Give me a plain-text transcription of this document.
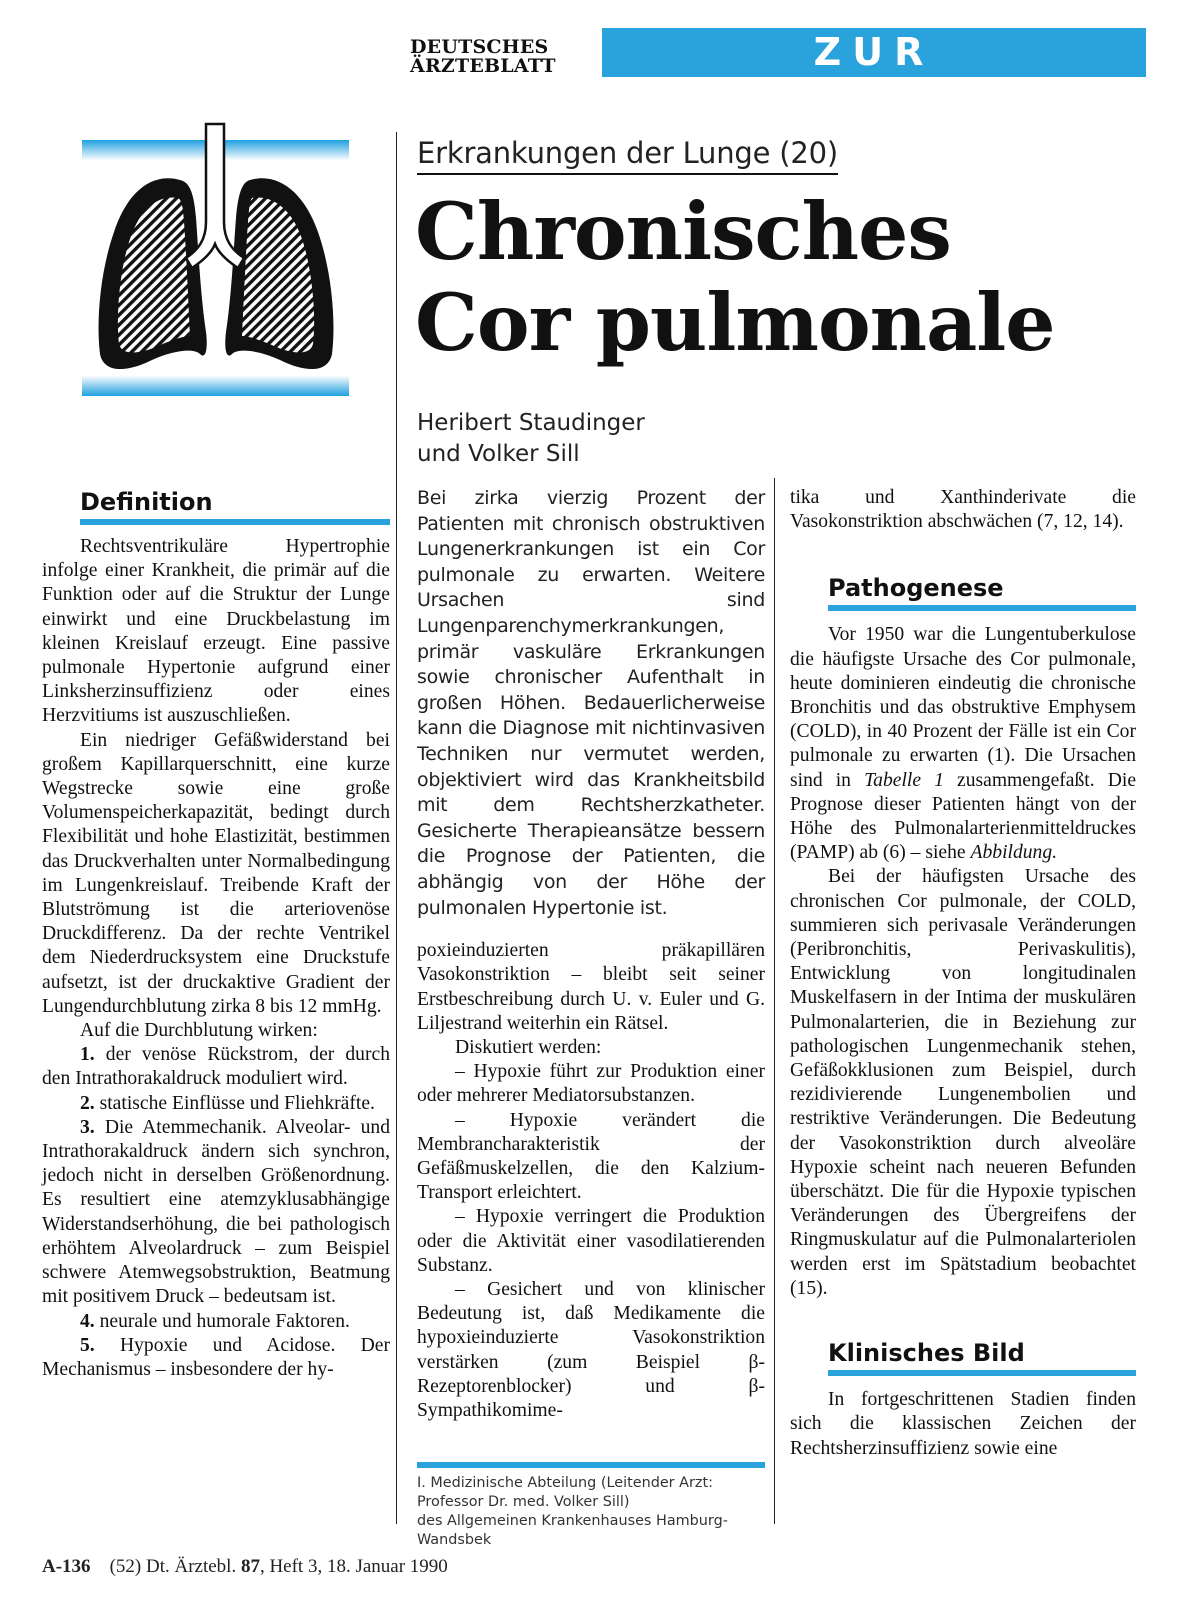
DEUTSCHES
ÄRZTEBLATT	ZUR FORTBILDUNG
Erkrankungen der Lunge (20)
Chronisches
Cor pulmonale
Heribert Staudinger
und Volker Sill
Definition

Rechtsventrikuläre Hypertrophie infolge einer Krankheit, die primär auf die Funktion oder auf die Struktur der Lunge einwirkt und eine Druckbelastung im kleinen Kreislauf erzeugt. Eine passive pulmonale Hypertonie aufgrund einer Linksherzinsuffizienz oder eines Herzvitiums ist auszuschließen.

Ein niedriger Gefäßwiderstand bei großem Kapillarquerschnitt, eine kurze Wegstrecke sowie eine große Volumenspeicherkapazität, bedingt durch Flexibilität und hohe Elastizität, bestimmen das Druckverhalten unter Normalbedingung im Lungenkreislauf. Treibende Kraft der Blutströmung ist die arteriovenöse Druckdifferenz. Da der rechte Ventrikel dem Niederdrucksystem eine Druckstufe aufsetzt, ist der druckaktive Gradient der Lungendurchblutung zirka 8 bis 12 mmHg.

Auf die Durchblutung wirken:

1. der venöse Rückstrom, der durch den Intrathorakaldruck moduliert wird.

2. statische Einflüsse und Fliehkräfte.

3. Die Atemmechanik. Alveolar- und Intrathorakaldruck ändern sich synchron, jedoch nicht in derselben Größenordnung. Es resultiert eine atemzyklusabhängige Widerstandserhöhung, die bei pathologisch erhöhtem Alveolardruck – zum Beispiel schwere Atemwegsobstruktion, Beatmung mit positivem Druck – bedeutsam ist.

4. neurale und humorale Faktoren.

5. Hypoxie und Acidose. Der Mechanismus – insbesondere der hy-

Bei zirka vierzig Prozent der Patienten mit chronisch obstruktiven Lungenerkrankungen ist ein Cor pulmonale zu erwarten. Weitere Ursachen sind Lungenparenchymerkrankungen, primär vaskuläre Erkrankungen sowie chronischer Aufenthalt in großen Höhen. Bedauerlicherweise kann die Diagnose mit nichtinvasiven Techniken nur vermutet werden, objektiviert wird das Krankheitsbild mit dem Rechtsherzkatheter. Gesicherte Therapieansätze bessern die Prognose der Patienten, die abhängig von der Höhe der pulmonalen Hypertonie ist.

poxieinduzierten präkapillären Vasokonstriktion – bleibt seit seiner Erstbeschreibung durch U. v. Euler und G. Liljestrand weiterhin ein Rätsel.

Diskutiert werden:

– Hypoxie führt zur Produktion einer oder mehrerer Mediatorsubstanzen.

– Hypoxie verändert die Membrancharakteristik der Gefäßmuskelzellen, die den Kalzium-Transport erleichtert.

– Hypoxie verringert die Produktion oder die Aktivität einer vasodilatierenden Substanz.

– Gesichert und von klinischer Bedeutung ist, daß Medikamente die hypoxieinduzierte Vasokonstriktion verstärken (zum Beispiel β-Rezeptorenblocker) und β-Sympathikomime-

I. Medizinische Abteilung (Leitender Arzt:
Professor Dr. med. Volker Sill)
des Allgemeinen Krankenhauses Hamburg-
Wandsbek

tika und Xanthinderivate die Vasokonstriktion abschwächen (7, 12, 14).

Pathogenese

Vor 1950 war die Lungentuberkulose die häufigste Ursache des Cor pulmonale, heute dominieren eindeutig die chronische Bronchitis und das obstruktive Emphysem (COLD), in 40 Prozent der Fälle ist ein Cor pulmonale zu erwarten (1). Die Ursachen sind in Tabelle 1 zusammengefaßt. Die Prognose dieser Patienten hängt von der Höhe des Pulmonalarterienmitteldruckes (PAMP) ab (6) – siehe Abbildung.

Bei der häufigsten Ursache des chronischen Cor pulmonale, der COLD, summieren sich perivasale Veränderungen (Peribronchitis, Perivaskulitis), Entwicklung von longitudinalen Muskelfasern in der Intima der muskulären Pulmonalarterien, die in Beziehung zur pathologischen Lungenmechanik stehen, Gefäßokklusionen zum Beispiel, durch rezidivierende Lungenembolien und restriktive Veränderungen. Die Bedeutung der Vasokonstriktion durch alveoläre Hypoxie scheint nach neueren Befunden überschätzt. Die für die Hypoxie typischen Veränderungen des Übergreifens der Ringmuskulatur auf die Pulmonalarteriolen werden erst im Spätstadium beobachtet (15).

Klinisches Bild

In fortgeschrittenen Stadien finden sich die klassischen Zeichen der Rechtsherzinsuffizienz sowie eine

A-136 (52) Dt. Ärztebl. 87, Heft 3, 18. Januar 1990
